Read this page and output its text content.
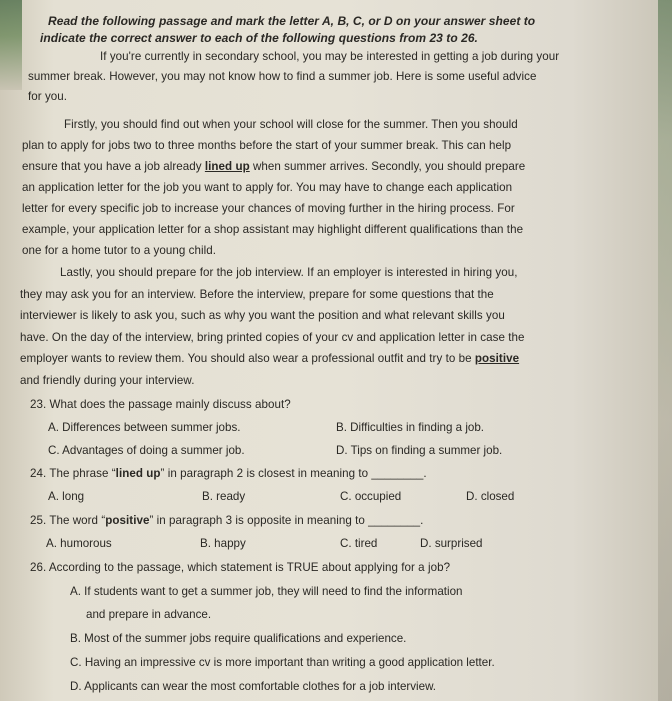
Read the following passage and mark the letter A, B, C, or D on your answer sheet to
indicate the correct answer to each of the following questions from 23 to 26.
If you're currently in secondary school, you may be interested in getting a job during your
summer break. However, you may not know how to find a summer job. Here is some useful advice
for you.
Firstly, you should find out when your school will close for the summer. Then you should
plan to apply for jobs two to three months before the start of your summer break. This can help
ensure that you have a job already lined up when summer arrives. Secondly, you should prepare
an application letter for the job you want to apply for. You may have to change each application
letter for every specific job to increase your chances of moving further in the hiring process. For
example, your application letter for a shop assistant may highlight different qualifications than the
one for a home tutor to a young child.
Lastly, you should prepare for the job interview. If an employer is interested in hiring you,
they may ask you for an interview. Before the interview, prepare for some questions that the
interviewer is likely to ask you, such as why you want the position and what relevant skills you
have. On the day of the interview, bring printed copies of your cv and application letter in case the
employer wants to review them. You should also wear a professional outfit and try to be positive
and friendly during your interview.
23. What does the passage mainly discuss about?
A. Differences between summer jobs.	B. Difficulties in finding a job.
C. Advantages of doing a summer job.	D. Tips on finding a summer job.
24. The phrase “lined up” in paragraph 2 is closest in meaning to ________.
A. long	B. ready	C. occupied	D. closed
25. The word “positive” in paragraph 3 is opposite in meaning to ________.
A. humorous	B. happy	C. tired	D. surprised
26. According to the passage, which statement is TRUE about applying for a job?
A. If students want to get a summer job, they will need to find the information
and prepare in advance.
B. Most of the summer jobs require qualifications and experience.
C. Having an impressive cv is more important than writing a good application letter.
D. Applicants can wear the most comfortable clothes for a job interview.
